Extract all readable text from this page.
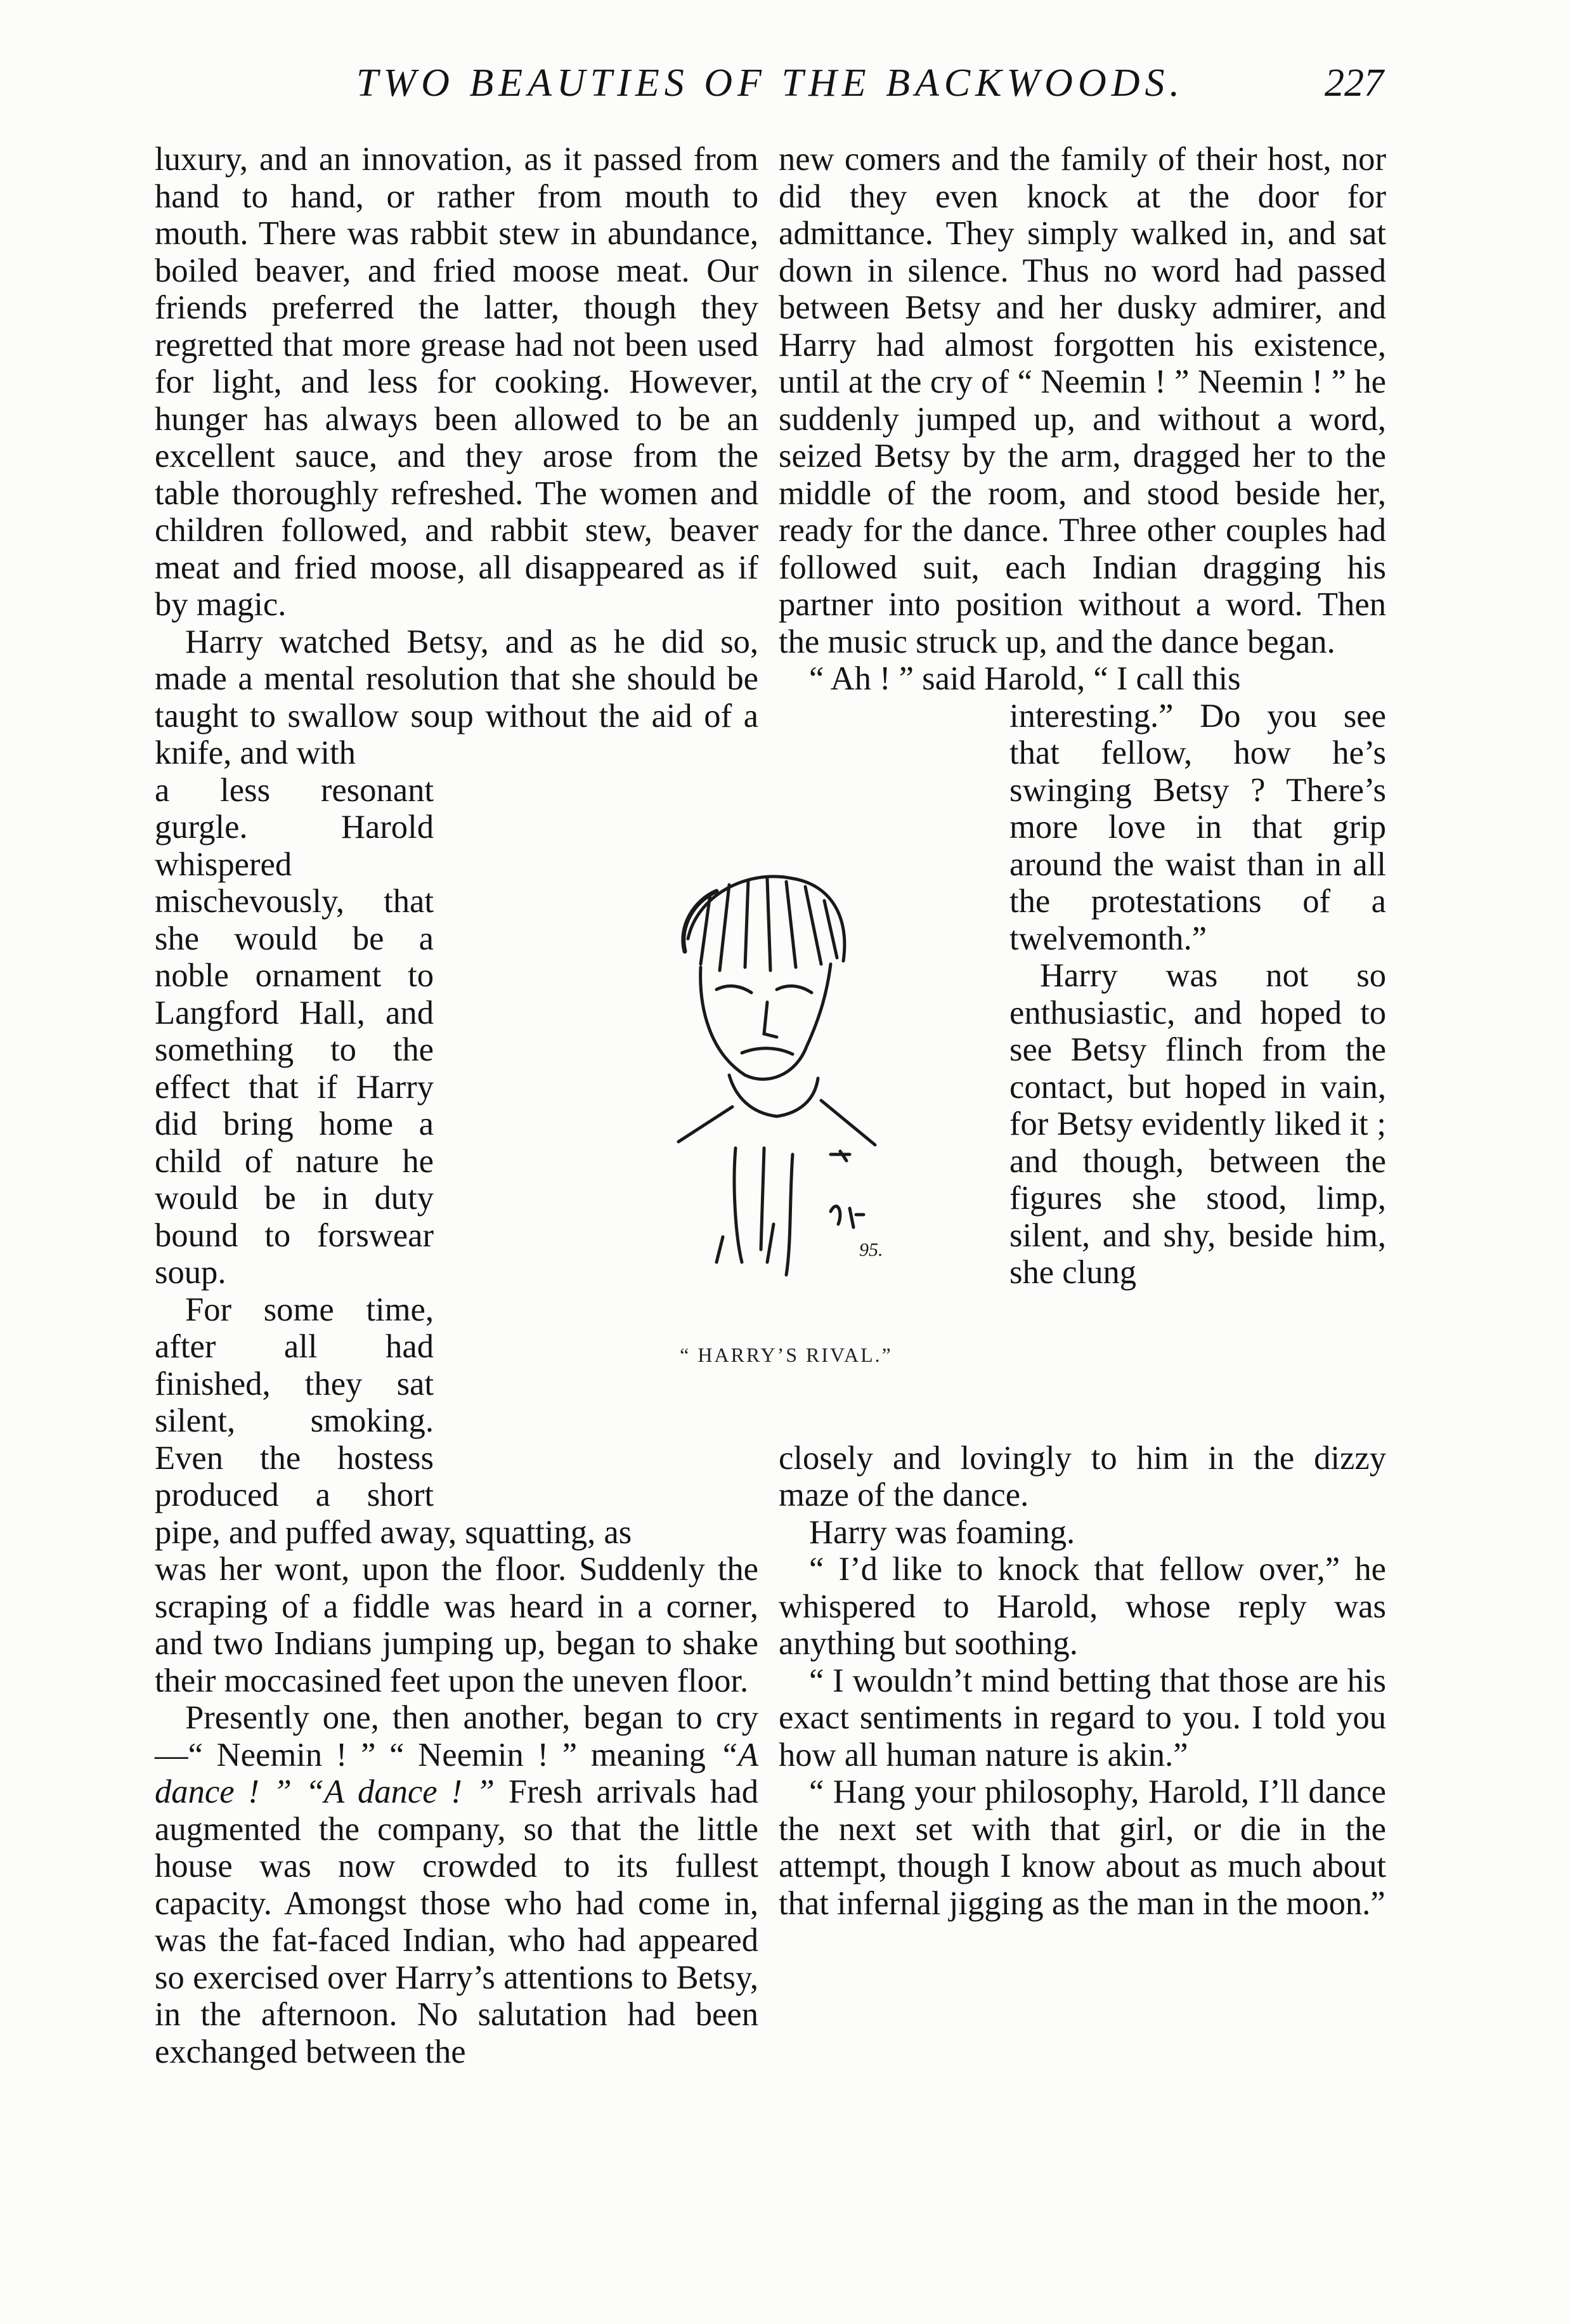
TWO BEAUTIES OF THE BACKWOODS.	227

luxury, and an innovation, as it passed from hand to hand, or rather from mouth to mouth. There was rabbit stew in abundance, boiled beaver, and fried moose meat. Our friends preferred the latter, though they regretted that more grease had not been used for light, and less for cooking. However, hunger has always been allowed to be an excellent sauce, and they arose from the table thoroughly refreshed. The women and children followed, and rabbit stew, beaver meat and fried moose, all disappeared as if by magic.

Harry watched Betsy, and as he did so, made a mental resolution that she should be taught to swallow soup without the aid of a knife, and with

a less resonant gurgle. Harold whispered mischevously, that she would be a noble ornament to Langford Hall, and something to the effect that if Harry did bring home a child of nature he would be in duty bound to forswear soup.

For some time, after all had finished, they sat silent, smoking. Even the hostess produced a short pipe, and puffed away, squatting, as

was her wont, upon the floor. Suddenly the scraping of a fiddle was heard in a corner, and two Indians jumping up, began to shake their moccasined feet upon the uneven floor.

Presently one, then another, began to cry—“ Neemin ! ” “ Neemin ! ” meaning “A dance ! ” “A dance ! ” Fresh arrivals had augmented the company, so that the little house was now crowded to its fullest capacity. Amongst those who had come in, was the fat-faced Indian, who had appeared so exercised over Harry’s attentions to Betsy, in the afternoon. No salutation had been exchanged between the

new comers and the family of their host, nor did they even knock at the door for admittance. They simply walked in, and sat down in silence. Thus no word had passed between Betsy and her dusky admirer, and Harry had almost forgotten his existence, until at the cry of “ Neemin ! ” Neemin ! ” he suddenly jumped up, and without a word, seized Betsy by the arm, dragged her to the middle of the room, and stood beside her, ready for the dance. Three other couples had followed suit, each Indian dragging his partner into position without a word. Then the music struck up, and the dance began.

“ Ah ! ” said Harold, “ I call this

interesting.” Do you see that fellow, how he’s swinging Betsy ? There’s more love in that grip around the waist than in all the protestations of a twelvemonth.”

Harry was not so enthusiastic, and hoped to see Betsy flinch from the contact, but hoped in vain, for Betsy evidently liked it ; and though, between the figures she stood, limp, silent, and shy, beside him, she clung

closely and lovingly to him in the dizzy maze of the dance.

Harry was foaming.

“ I’d like to knock that fellow over,” he whispered to Harold, whose reply was anything but soothing.

“ I wouldn’t mind betting that those are his exact sentiments in regard to you. I told you how all human nature is akin.”

“ Hang your philosophy, Harold, I’ll dance the next set with that girl, or die in the attempt, though I know about as much about that infernal jigging as the man in the moon.”

95.
“ HARRY’S RIVAL.”
